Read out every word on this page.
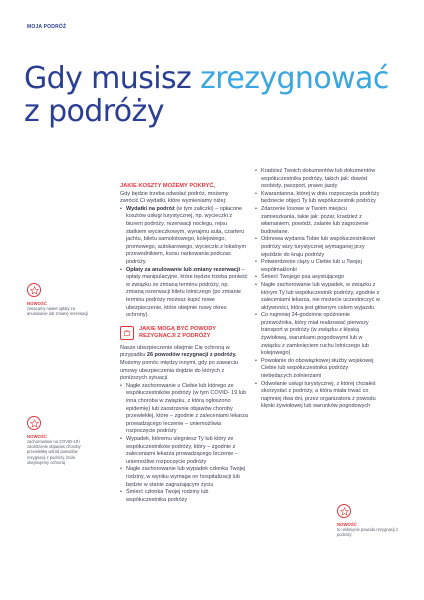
MOJA PODRÓŻ
Gdy musisz zrezygnować
z podróży
NOWOŚĆ
zwracamy nawet opłaty za anulowanie lub zmianę rezerwacji
NOWOŚĆ
zachorowanie na COVID-19 i zaostrzenie objawów choroby przewlekłej wśród powodów rezygnacji z podróży, które obejmujemy ochroną
NOWOŚĆ
to uniknięcie powodu rezygnacji z podróży
JAKIE KOSZTY MOŻEMY POKRYĆ,
Gdy będzie trzeba odwołać podróż, możemy zwrócić Ci wydatki, które wymieniamy niżej:
• Wydatki na podróż (w tym zaliczki) – opłacone kosztów usługi turystycznej, np. wycieczki z biurem podróży, rezerwacji noclegu, rejsu statkiem wycieczkowym, wynajmu auta, czarteru jachtu, biletu samolotowego, kolejowego, promowego, autokarowego, wycieczki z lokalnym przewodnikiem, kursu narkowania podczas podróży.
• Opłaty za anulowanie lub zmiany rezerwacji – opłaty manipulacyjne, które będzie trzeba ponieść w związku ze zmianą terminu podróży, np. zmianą rezerwacji biletu lotniczego (po zmianie terminu podróży możesz kupić nowe ubezpieczenie, które obejmie nowy okres ochrony).
JAKIE MOGĄ BYĆ POWODY REZYGNACJI Z PODRÓŻY
Nasze ubezpieczenie obejmie Cię ochroną w przypadku 26 powodów rezygnacji z podróży. Możemy pomóc między innymi, gdy po zawarciu umowy ubezpieczenia dojdzie do których z poniższych sytuacji.
• Nagłe zachorowanie u Ciebie lub którego ze współuczestników podróży (w tym COVID- 19 lub inna choroba w związku, z którą ogłoszono epidemię) lub zaostrzenie objawów choroby przewlekłej, które – zgodnie z zaleceniami lekarza prowadzącego leczenie – uniemożliwia rozpoczęcie podróży
• Wypadek, któremu ulegniesz Ty lub który ze współuczestników podróży, który – zgodnie z zaleceniami lekarza prowadzącego leczenie – uniemożliwi rozpoczęcie podróży
• Nagłe zachorowanie lub wypadek członka Twojej rodziny, w wyniku wymaga on hospitalizacji lub będzie w stanie zagrażającym życiu
• Śmierć członka Twojej rodziny lub współuczestnika podróży
• Kradzież Twoich dokumentów lub dokumentów współuczestnika podróży, takich jak: dowód osobisty, paszport, prawo jazdy
• Kwarantanna, której w dniu rozpoczęcia podróży będziecie objęci Ty lub współuczestnik podróży
• Zdarzenie losowe w Twoim miejscu zamieszkania, takie jak: pożar, kradzież z włamaniem, powódź, zalanie lub zagrożenie budowlane.
• Odmowa wydania Tobie lub współuczestnikowi podróży wizy turystycznej wymaganej przy wjeździe do kraju podróży
• Potwierdzenie ciąży u Ciebie lub u Twojej współmałżonki
• Śmierć Twojego psa asystującego
• Nagłe zachorowanie lub wypadek, w związku z którym Ty lub współuczestnik podróży, zgodnie z zaleceniami lekarza, nie możecie uczestniczyć w aktywności, która jest głównym celem wyjazdu
• Co najmniej 24-godzinne opóźnienie przewoźnika, który miał realizować pierwszy transport w podróży (w związku z klęską żywiołową, warunkami pogodowymi lub w związku z zamknięciem ruchu lotniczego lub kolejowego)
• Powołanie do obowiązkowej służby wojskowej Ciebie lub współuczestnika podróży niebędących żołnierzami
• Odwołanie usługi turystycznej, z której chciałeś skorzystać z podróży, a która miała trwać co najmniej dwa dni, przez organizatora z powodu klęski żywiołowej lub warunków pogodowych
